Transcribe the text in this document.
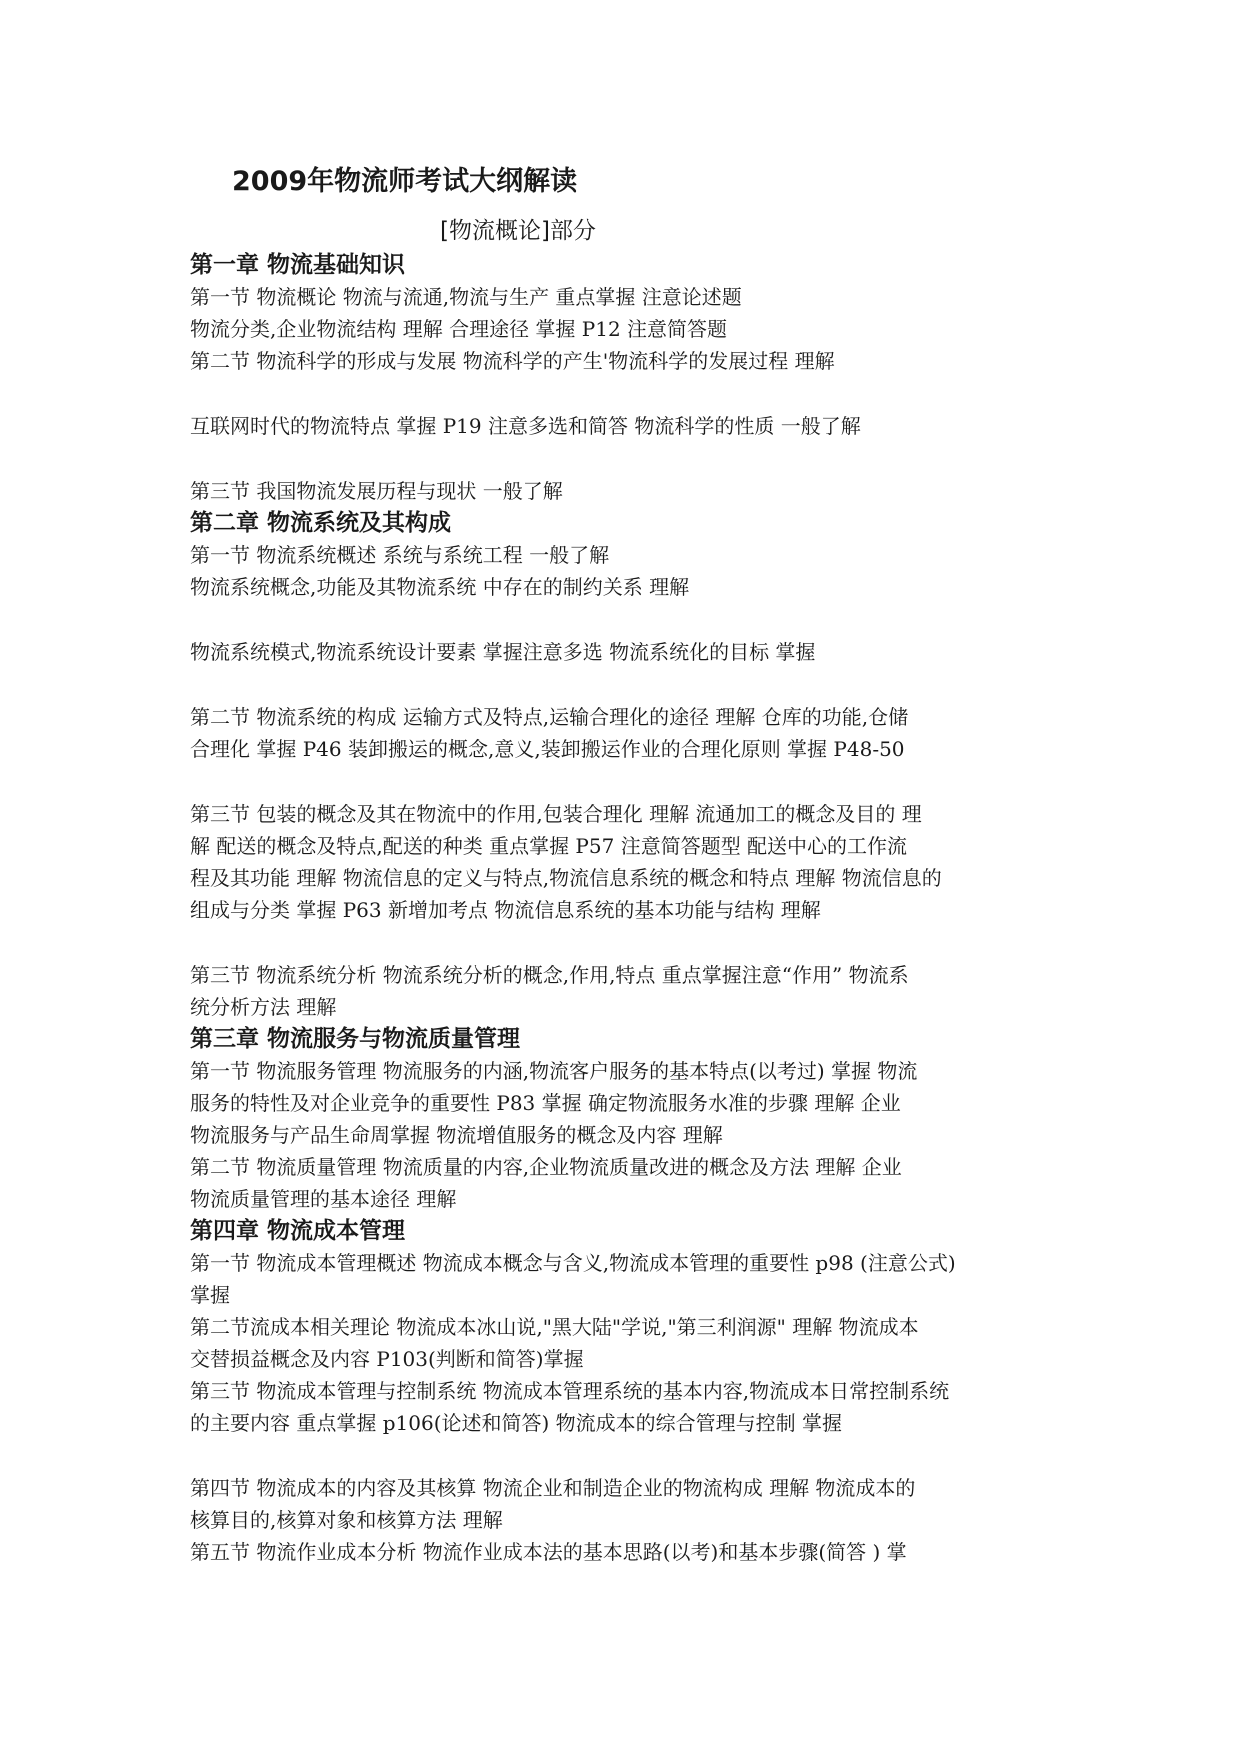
2009年物流师考试大纲解读
[物流概论]部分
第一章 物流基础知识
第一节 物流概论 物流与流通,物流与生产 重点掌握 注意论述题
物流分类,企业物流结构 理解 合理途径 掌握 P12 注意简答题
第二节 物流科学的形成与发展 物流科学的产生'物流科学的发展过程 理解
互联网时代的物流特点 掌握 P19 注意多选和简答 物流科学的性质 一般了解
第三节 我国物流发展历程与现状 一般了解
第二章 物流系统及其构成
第一节 物流系统概述 系统与系统工程 一般了解
物流系统概念,功能及其物流系统 中存在的制约关系 理解
物流系统模式,物流系统设计要素 掌握注意多选 物流系统化的目标 掌握
第二节 物流系统的构成 运输方式及特点,运输合理化的途径 理解 仓库的功能,仓储
合理化 掌握 P46 装卸搬运的概念,意义,装卸搬运作业的合理化原则 掌握 P48-50
第三节 包装的概念及其在物流中的作用,包装合理化 理解 流通加工的概念及目的 理
解 配送的概念及特点,配送的种类 重点掌握 P57 注意简答题型 配送中心的工作流
程及其功能 理解 物流信息的定义与特点,物流信息系统的概念和特点 理解 物流信息的
组成与分类 掌握 P63 新增加考点 物流信息系统的基本功能与结构 理解
第三节 物流系统分析 物流系统分析的概念,作用,特点 重点掌握注意“作用” 物流系
统分析方法 理解
第三章 物流服务与物流质量管理
第一节 物流服务管理 物流服务的内涵,物流客户服务的基本特点(以考过) 掌握 物流
服务的特性及对企业竞争的重要性 P83 掌握 确定物流服务水准的步骤 理解 企业
物流服务与产品生命周掌握 物流增值服务的概念及内容 理解
第二节 物流质量管理 物流质量的内容,企业物流质量改进的概念及方法 理解 企业
物流质量管理的基本途径 理解
第四章 物流成本管理
第一节 物流成本管理概述 物流成本概念与含义,物流成本管理的重要性 p98 (注意公式)
掌握
第二节流成本相关理论 物流成本冰山说,"黑大陆"学说,"第三利润源" 理解 物流成本
交替损益概念及内容 P103(判断和简答)掌握
第三节 物流成本管理与控制系统 物流成本管理系统的基本内容,物流成本日常控制系统
的主要内容 重点掌握 p106(论述和简答) 物流成本的综合管理与控制 掌握
第四节 物流成本的内容及其核算 物流企业和制造企业的物流构成 理解 物流成本的
核算目的,核算对象和核算方法 理解
第五节 物流作业成本分析 物流作业成本法的基本思路(以考)和基本步骤(简答 ) 掌
